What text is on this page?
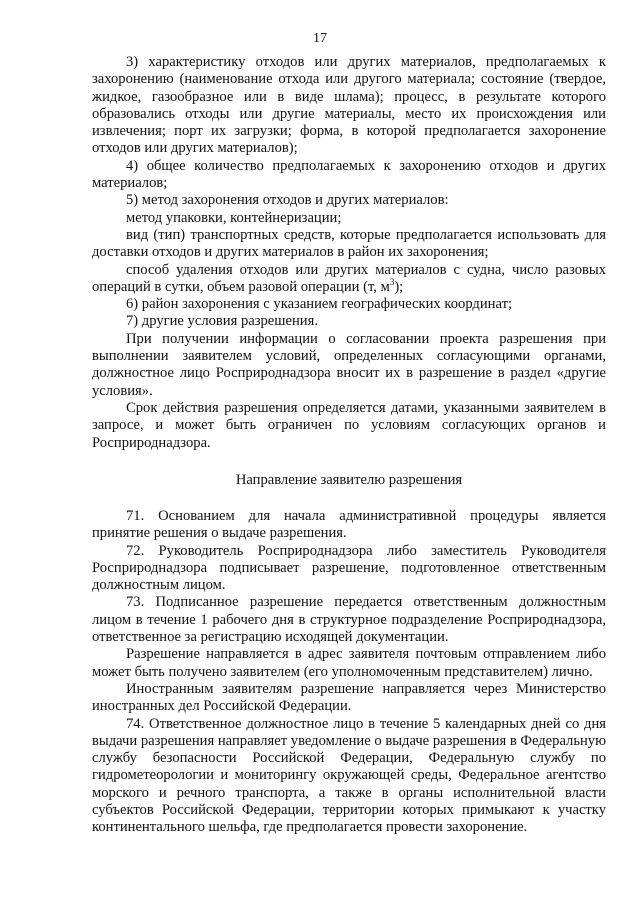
17

3) характеристику отходов или других материалов, предполагаемых к захоронению (наименование отхода или другого материала; состояние (твердое, жидкое, газообразное или в виде шлама); процесс, в результате которого образовались отходы или другие материалы, место их происхождения или извлечения; порт их загрузки; форма, в которой предполагается захоронение отходов или других материалов);

4) общее количество предполагаемых к захоронению отходов и других материалов;

5) метод захоронения отходов и других материалов:

метод упаковки, контейнеризации;

вид (тип) транспортных средств, которые предполагается использовать для доставки отходов и других материалов в район их захоронения;

способ удаления отходов или других материалов с судна, число разовых операций в сутки, объем разовой операции (т, $м^3$);

6) район захоронения с указанием географических координат;

7) другие условия разрешения.

При получении информации о согласовании проекта разрешения при выполнении заявителем условий, определенных согласующими органами, должностное лицо Росприроднадзора вносит их в разрешение в раздел «другие условия».

Срок действия разрешения определяется датами, указанными заявителем в запросе, и может быть ограничен по условиям согласующих органов и Росприроднадзора.

Направление заявителю разрешения

71. Основанием для начала административной процедуры является принятие решения о выдаче разрешения.

72. Руководитель Росприроднадзора либо заместитель Руководителя Росприроднадзора подписывает разрешение, подготовленное ответственным должностным лицом.

73. Подписанное разрешение передается ответственным должностным лицом в течение 1 рабочего дня в структурное подразделение Росприроднадзора, ответственное за регистрацию исходящей документации.

Разрешение направляется в адрес заявителя почтовым отправлением либо может быть получено заявителем (его уполномоченным представителем) лично.

Иностранным заявителям разрешение направляется через Министерство иностранных дел Российской Федерации.

74. Ответственное должностное лицо в течение 5 календарных дней со дня выдачи разрешения направляет уведомление о выдаче разрешения в Федеральную службу безопасности Российской Федерации, Федеральную службу по гидрометеорологии и мониторингу окружающей среды, Федеральное агентство морского и речного транспорта, а также в органы исполнительной власти субъектов Российской Федерации, территории которых примыкают к участку континентального шельфа, где предполагается провести захоронение.
